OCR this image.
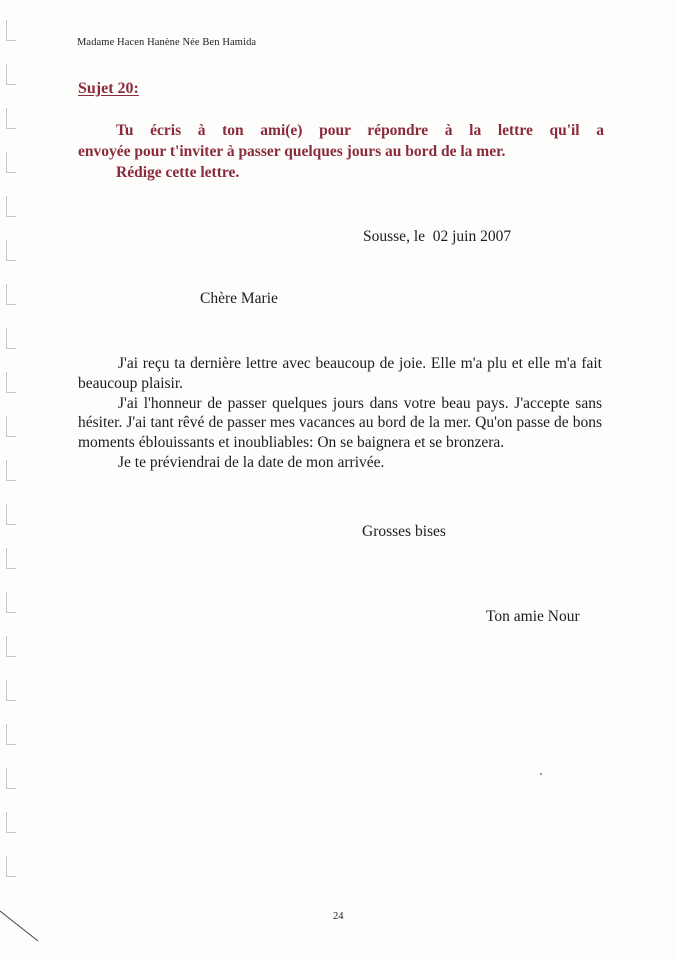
Madame Hacen Hanène Née Ben Hamida
Sujet 20:
Tu écris à ton ami(e) pour répondre à la lettre qu'il a
envoyée pour t'inviter à passer quelques jours au bord de la mer.
Rédige cette lettre.
Sousse, le  02 juin 2007
Chère Marie

J'ai reçu ta dernière lettre avec beaucoup de joie. Elle m'a plu et elle m'a fait beaucoup plaisir.

J'ai l'honneur de passer quelques jours dans votre beau pays. J'accepte sans hésiter. J'ai tant rêvé de passer mes vacances au bord de la mer. Qu'on passe de bons moments éblouissants et inoubliables: On se baignera et se bronzera.

Je te préviendrai de la date de mon arrivée.

Grosses bises
Ton amie Nour
24
